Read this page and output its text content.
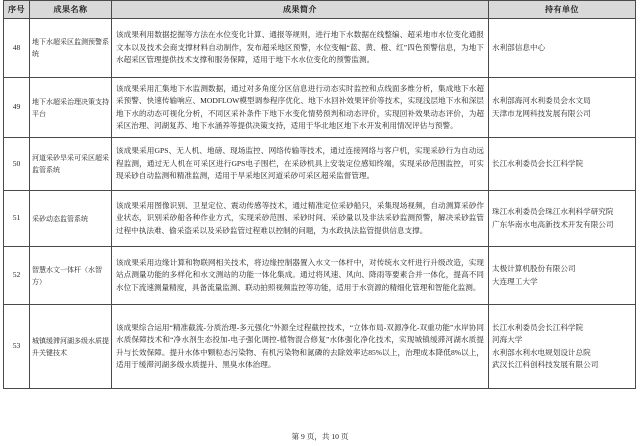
序号	成果名称	成果简介	持有单位

48	地下水超采区监测预警系统	该成果利用数据挖掘等方法在水位变化计算、通报等规则，进行地下水数据在线整编、超采地市水位变化通报文本以及技术会商支撑材料自动制作，发布超采地区预警，水位变幅“蓝、黄、橙、红”四色预警信息，为地下水超采区管理提供技术支撑和服务保障，适用于地下水水位变化的预警监测。	水利部信息中心

49	地下水超采治理决策支持平台	该成果采用汇集地下水监测数据，通过对多角度分区信息进行动态实时监控和点线面多维分析，集成地下水超采预警、快速传输响应、MODFLOW模型调参程序优化、地下水回补效果评价等技术，实现浅层地下水和深层地下水的动态可视化分析，不同区采补条件下地下水变化情势预判和动态评价，实现回补效果动态评价，为超采区治理、河湖复苏、地下水涵养等提供决策支持，适用于华北地区地下水开发利用情况评估与预警。	水利部海河水利委员会水文局
天津市龙网科技发展有限公司

50	河道采砂旱采可采区超采监管系统	该成果采用GPS、无人机、地磅、现场监控、网络传输等技术，通过连接网络与客户机，实现采砂行为自动远程监测，通过无人机在可采区进行GPS电子围栏，在采砂机具上安装定位感知终端，实现采砂范围监控，可实现采砂自动监测和精准监测，适用于旱采地区河道采砂可采区超采监督管理。	长江水利委员会长江科学院

51	采砂动态监管系统	该成果采用图像识别、卫星定位、震动传感等技术，通过精准定位采砂船只，采集现场视频，自动测算采砂作业状态，识别采砂船各种作业方式，实现采砂范围、采砂时间、采砂量以及非法采砂监测预警，解决采砂监管过程中执法难、偷采盗采以及采砂监管过程难以控制的问题，为水政执法监管提供信息支撑。	珠江水利委员会珠江水利科学研究院
广东华南水电高新技术开发有限公司

52	智慧水文一体杆（水智方）	该成果采用边缘计算和物联网相关技术，将边缘控制器置入水文一体杆中，对传统水文杆进行升级改造，实现站点测量功能的多样化和水文测站的功能一体化集成。通过将风速、风向、降雨等要素合并一体化，提高不同水位下流速测量精度，具备流量监测、联动拍照视频监控等功能，适用于水资源的精细化管理和智能化监测。	太极计算机股份有限公司
大连理工大学

53	城镇缓滞河湖多级水质提升关键技术	该成果综合运用“精准截流-分质治理-多元强化”外源全过程截控技术，“立体布局-双源净化-双重功能”水岸协同水质保障技术和“净水剂生态投加-电子强化调控-植物混合修复”水体强化净化技术，实现城镇缓滞河湖水质提升与长效保障。提升水体中颗粒态污染物、有机污染物和氮磷的去除效率达85%以上，治理成本降低8%以上，适用于缓滞河湖多级水质提升、黑臭水体治理。	长江水利委员会长江科学院
河海大学
水利部水利水电规划设计总院
武汉长江科创科技发展有限公司
第 9 页，共 10 页
